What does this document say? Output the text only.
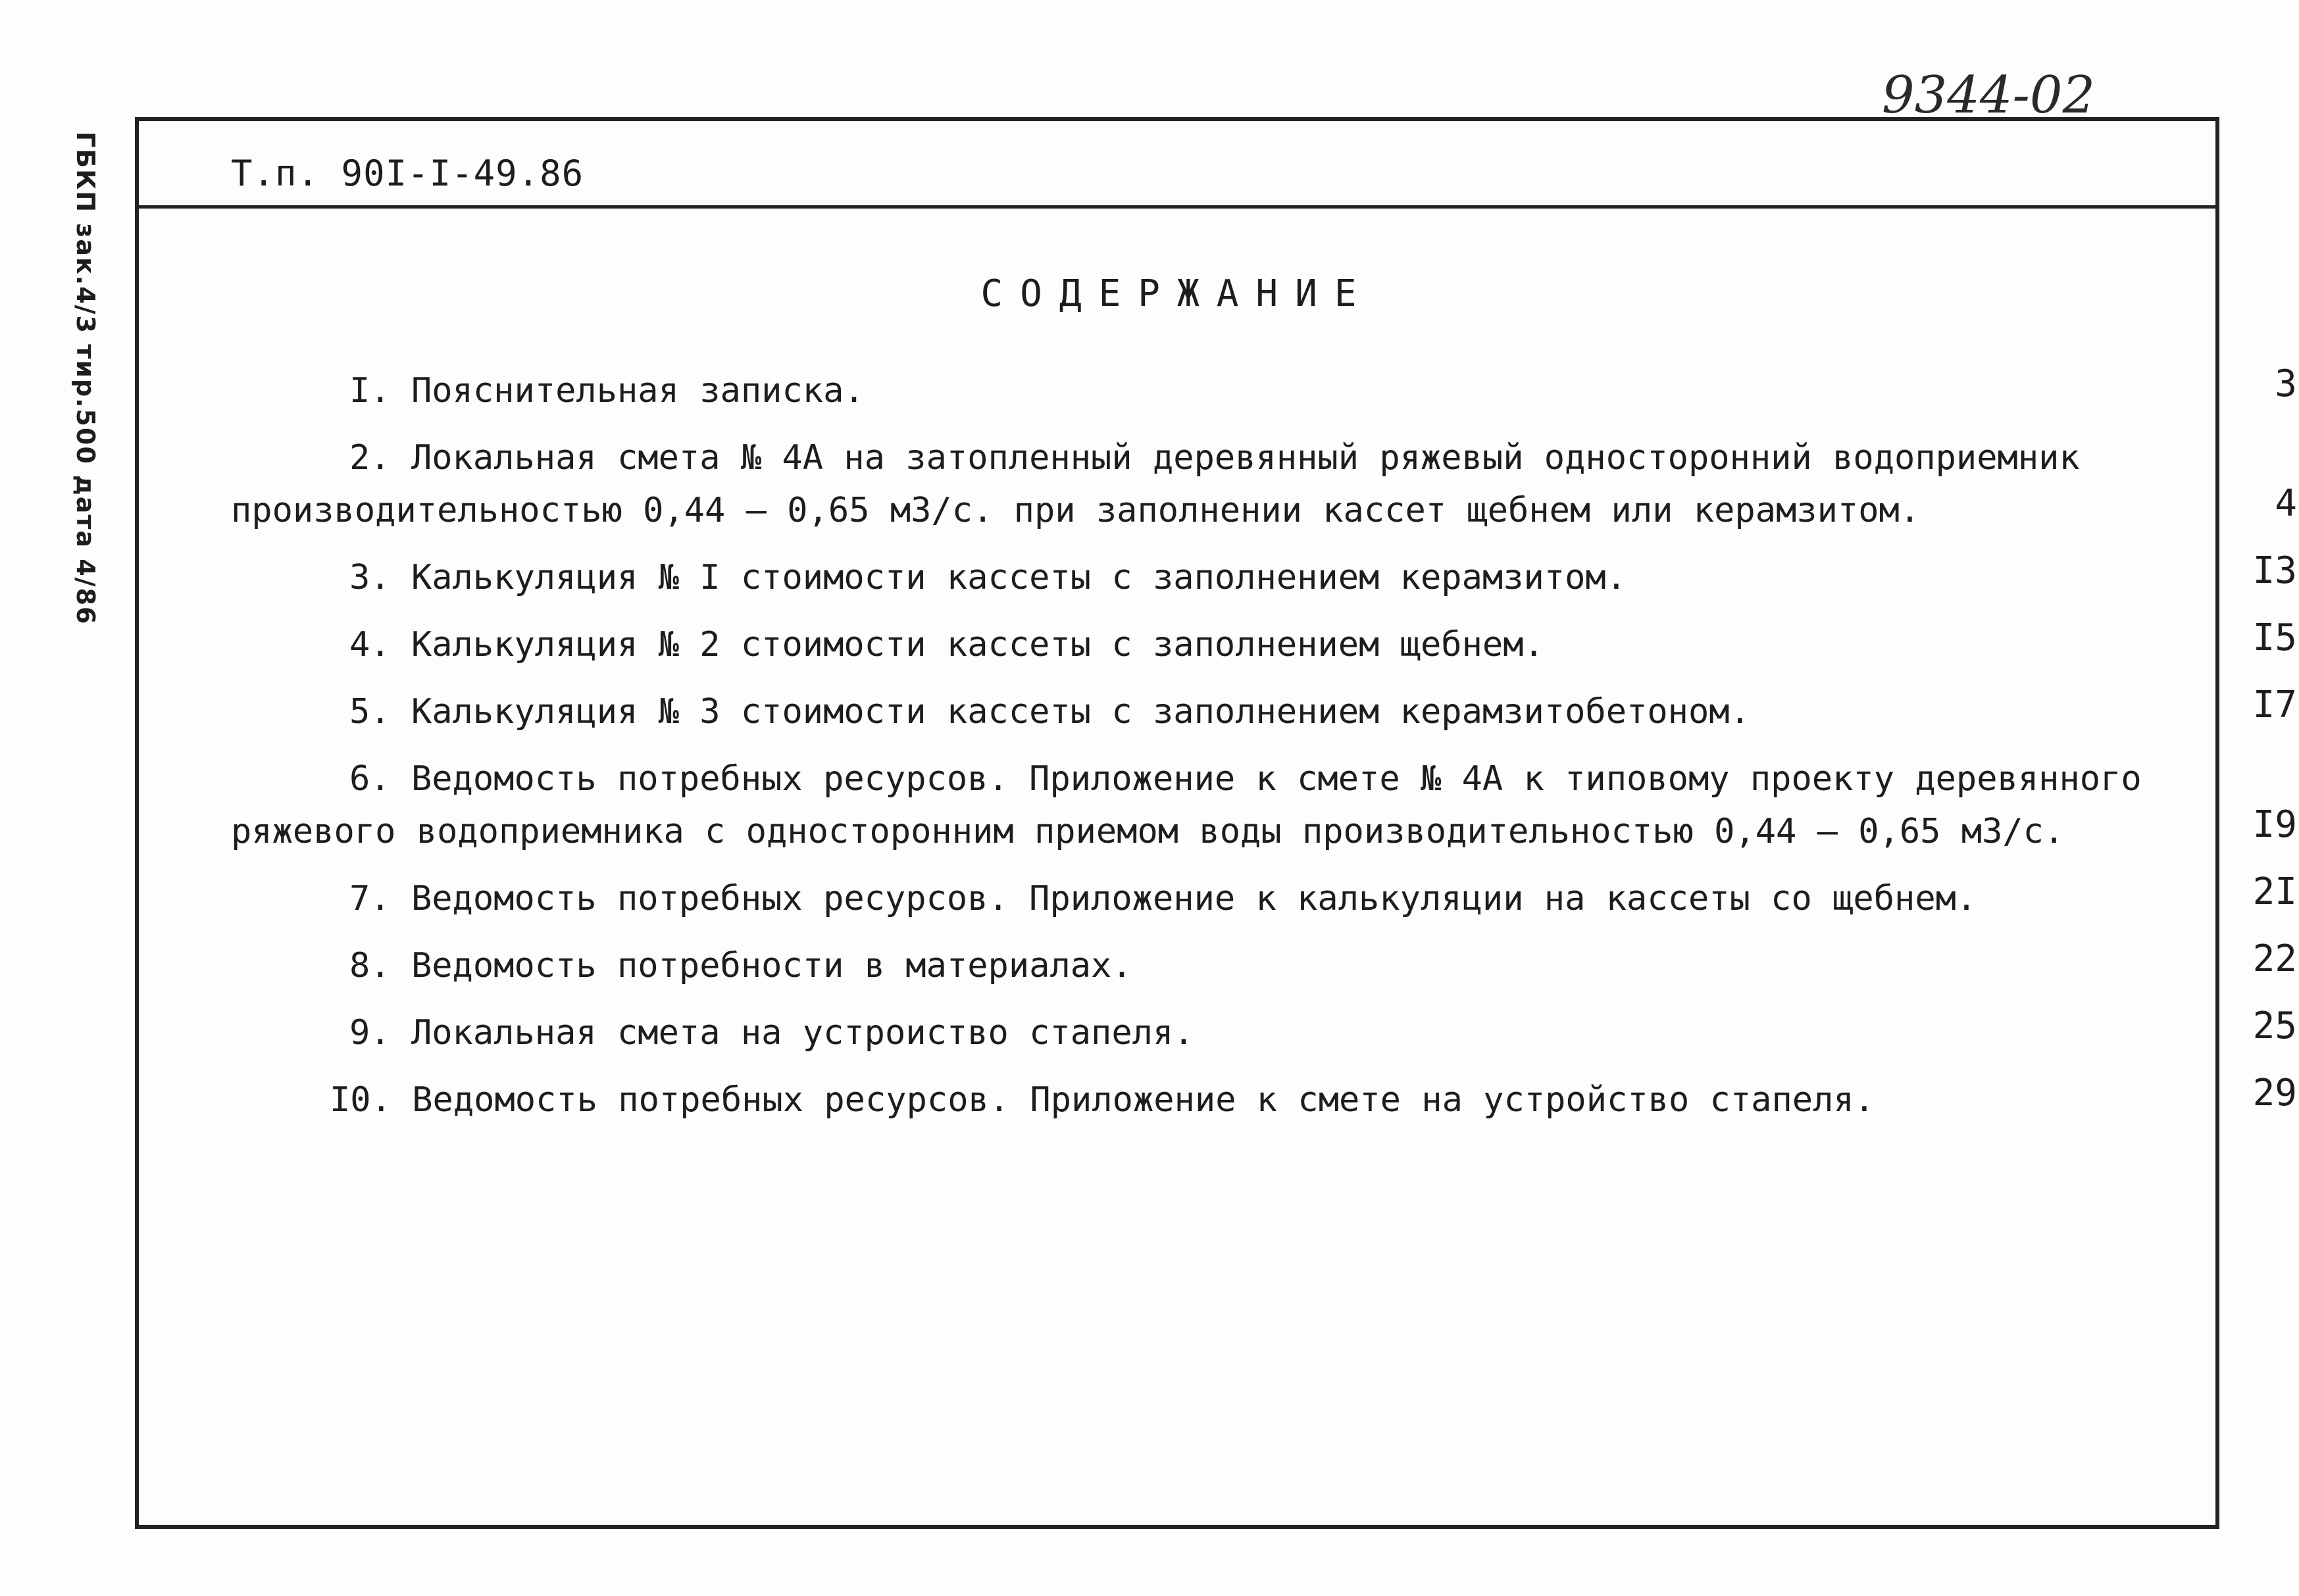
ГБКП зак.4/3 тир.500 дата 4/86
9344-02
Т.п. 90I-I-49.86
СОДЕРЖАНИЕ
I. Пояснительная записка.	3
2. Локальная смета № 4А на затопленный деревянный ряжевый односторонний водоприемник производительностью 0,44 – 0,65 м3/с. при заполнении кассет щебнем или керамзитом.	4
3. Калькуляция № I стоимости кассеты с заполнением керамзитом.	I3
4. Калькуляция № 2 стоимости кассеты с заполнением щебнем.	I5
5. Калькуляция № 3 стоимости кассеты с заполнением керамзитобетоном.	I7
6. Ведомость потребных ресурсов. Приложение к смете № 4А к типовому проекту деревянного ряжевого водоприемника с односторонним приемом воды производительностью 0,44 – 0,65 м3/с.	I9
7. Ведомость потребных ресурсов. Приложение к калькуляции на кассеты со щебнем.	2I
8. Ведомость потребности в материалах.	22
9. Локальная смета на устроиство стапеля.	25
I0. Ведомость потребных ресурсов. Приложение к смете на устройство стапеля.	29
